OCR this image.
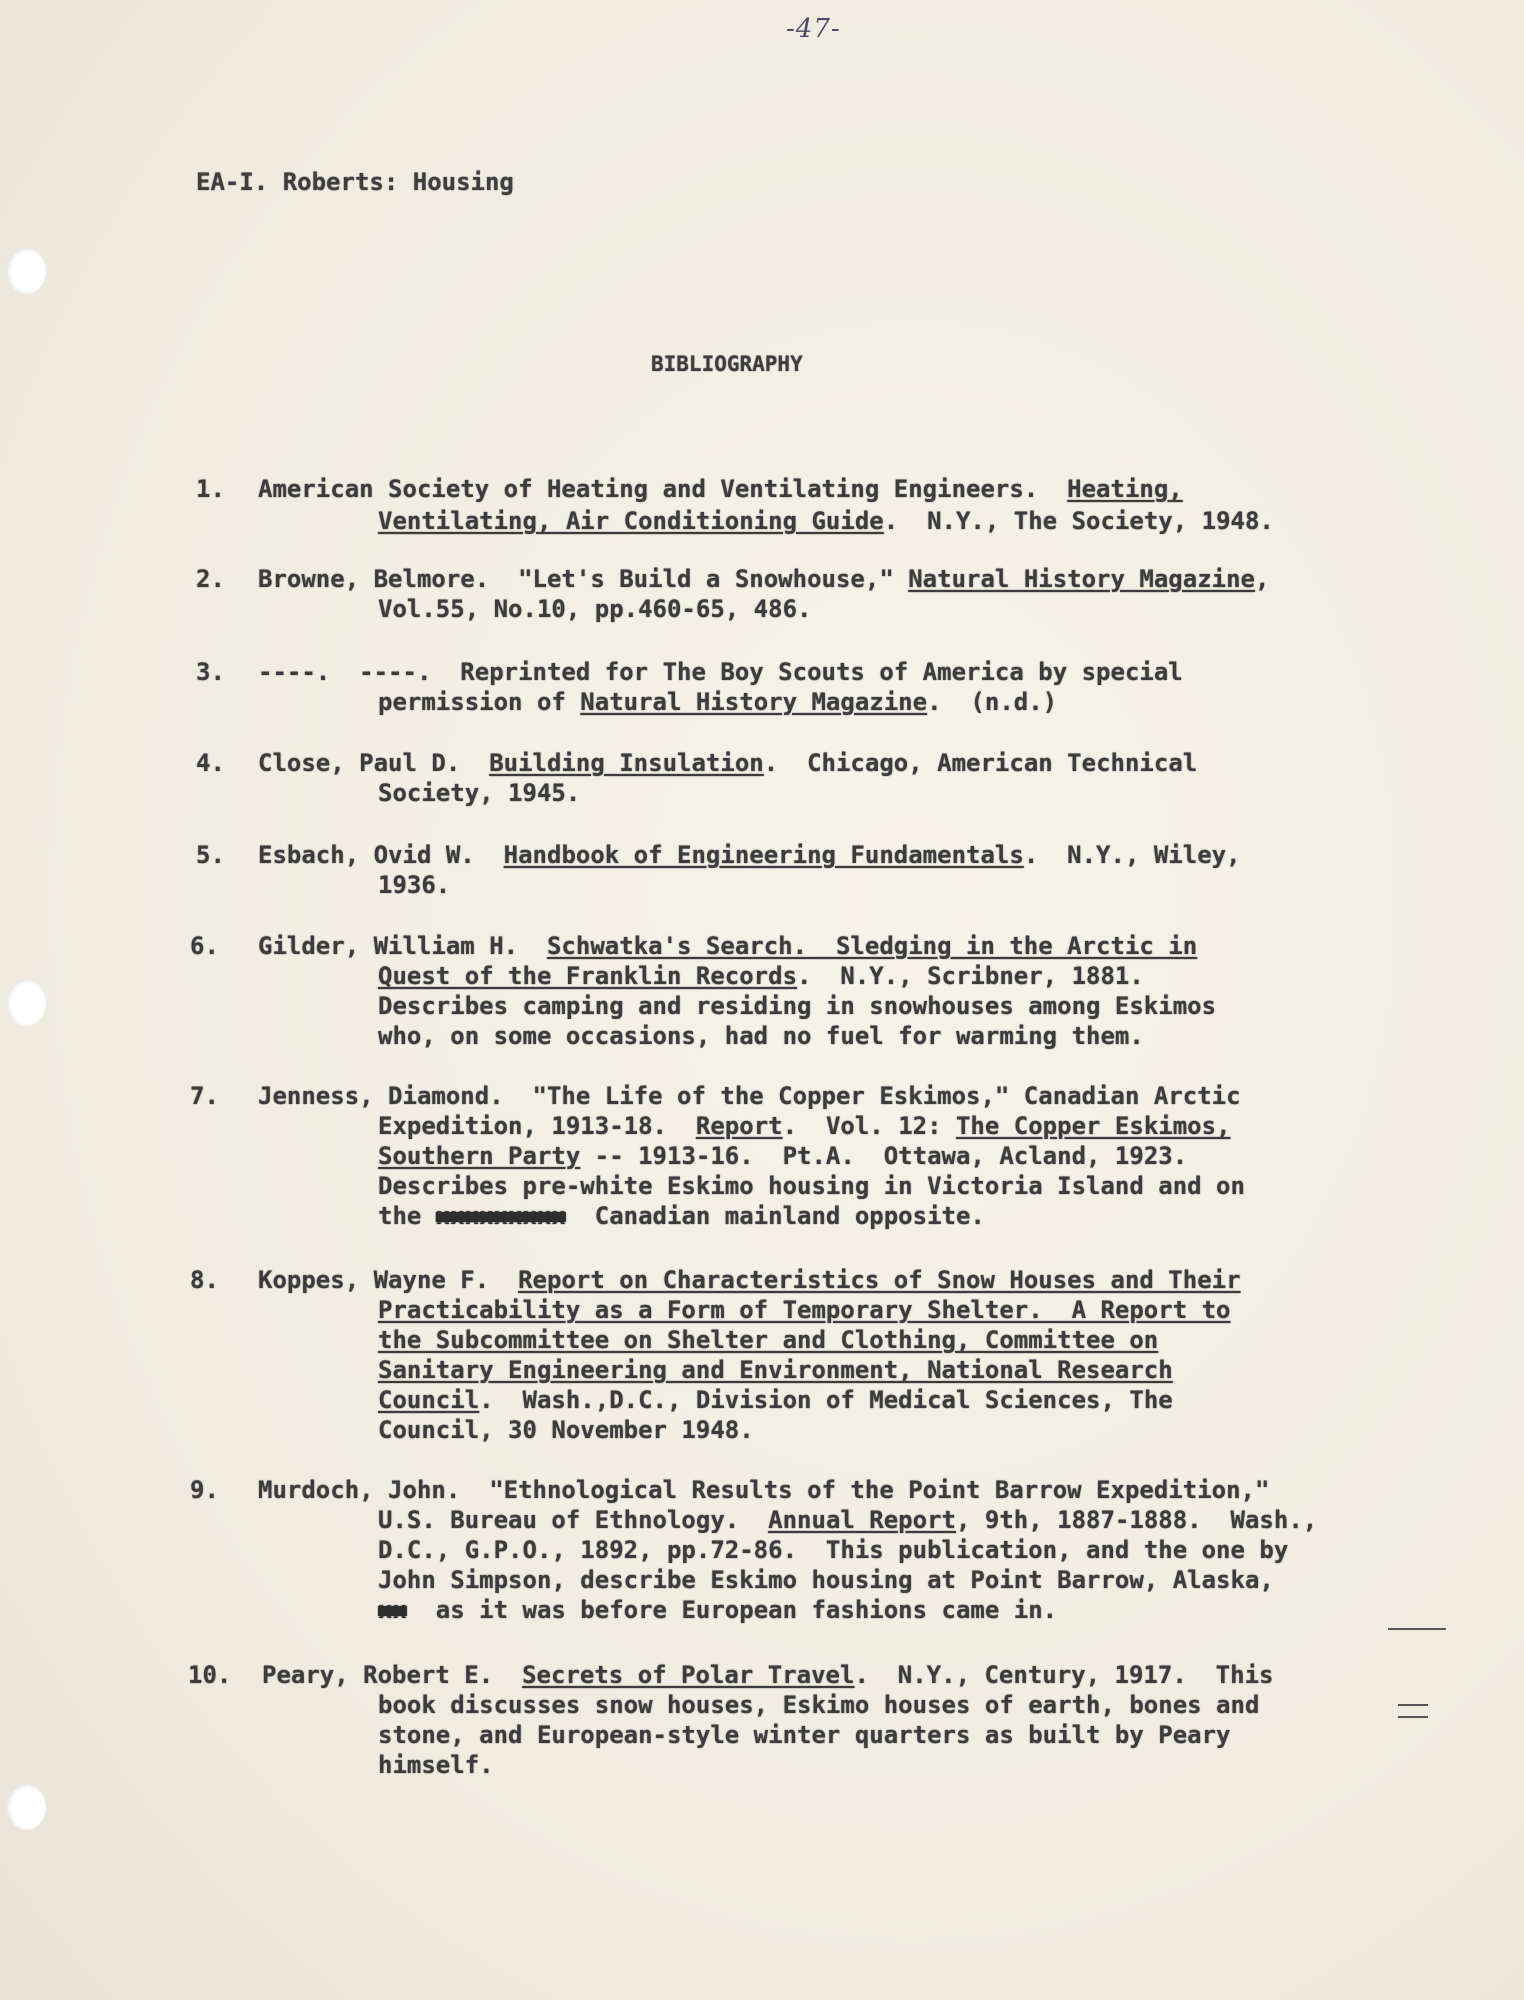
-47-
EA-I. Roberts: Housing
BIBLIOGRAPHY
1. American Society of Heating and Ventilating Engineers.  Heating,
Ventilating, Air Conditioning Guide.  N.Y., The Society, 1948.
2. Browne, Belmore.  "Let's Build a Snowhouse," Natural History Magazine,
Vol.55, No.10, pp.460-65, 486.
3. ----.  ----.  Reprinted for The Boy Scouts of America by special
permission of Natural History Magazine.  (n.d.)
4. Close, Paul D.  Building Insulation.  Chicago, American Technical
Society, 1945.
5. Esbach, Ovid W.  Handbook of Engineering Fundamentals.  N.Y., Wiley,
1936.
6. Gilder, William H.  Schwatka's Search.  Sledging in the Arctic in
Quest of the Franklin Records.  N.Y., Scribner, 1881.
Describes camping and residing in snowhouses among Eskimos
who, on some occasions, had no fuel for warming them.
7. Jenness, Diamond.  "The Life of the Copper Eskimos," Canadian Arctic
Expedition, 1913-18.  Report.  Vol. 12: The Copper Eskimos,
Southern Party -- 1913-16.  Pt.A.  Ottawa, Acland, 1923.
Describes pre-white Eskimo housing in Victoria Island and on
the xxxxxxxxx  Canadian mainland opposite.
8. Koppes, Wayne F.  Report on Characteristics of Snow Houses and Their
Practicability as a Form of Temporary Shelter.  A Report to
the Subcommittee on Shelter and Clothing, Committee on
Sanitary Engineering and Environment, National Research
Council.  Wash.,D.C., Division of Medical Sciences, The
Council, 30 November 1948.
9. Murdoch, John.  "Ethnological Results of the Point Barrow Expedition,"
U.S. Bureau of Ethnology.  Annual Report, 9th, 1887-1888.  Wash.,
D.C., G.P.O., 1892, pp.72-86.  This publication, and the one by
John Simpson, describe Eskimo housing at Point Barrow, Alaska,
xx  as it was before European fashions came in.
10. Peary, Robert E.  Secrets of Polar Travel.  N.Y., Century, 1917.  This
book discusses snow houses, Eskimo houses of earth, bones and
stone, and European-style winter quarters as built by Peary
himself.
